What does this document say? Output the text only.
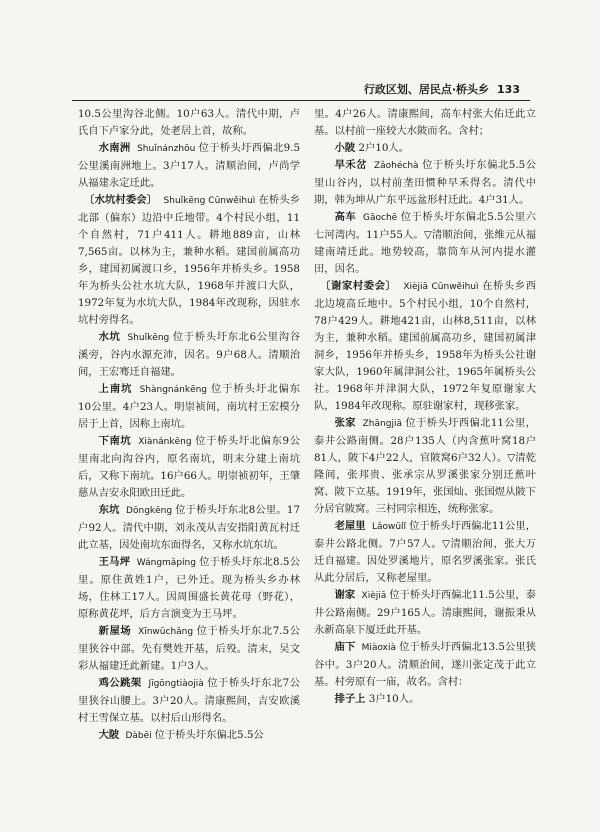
行政区划、居民点·桥头乡 133

10.5公里沟谷北侧。10户63人。清代中期，卢氏自下卢家分此，处老居上首，故称。

水南洲 Shuǐnánzhōu 位于桥头圩西偏北9.5公里溪南洲地上。3户17人。清顺治间，卢尚学从福建永定迁此。

〔水坑村委会〕 Shuǐkēng Cūnwěihuì 在桥头乡北部（偏东）边沿中丘地带。4个村民小组，11个自然村，71户411人。耕地889亩，山林7,565亩。以林为主，兼种水稻。建国前属高功乡，建国初属渡口乡，1956年并桥头乡。1958年为桥头公社水坑大队，1968年并渡口大队，1972年复为水坑大队，1984年改现称，因驻水坑村旁得名。

水坑 Shuǐkēng 位于桥头圩东北6公里沟谷溪旁，谷内水源充沛，因名。9户68人。清顺治间，王宏骞迁自福建。

上南坑 Shàngnánkēng 位于桥头圩北偏东10公里。4户23人。明崇祯间，南坑村王宏模分居于上首，因称上南坑。

下南坑 Xiànánkēng 位于桥头圩北偏东9公里南北向沟谷内，原名南坑，明末分建上南坑后，又称下南坑。16户66人。明崇祯初年，王肇慈从吉安永阳欧田迁此。

东坑 Dōngkēng 位于桥头圩东北8公里。17户92人。清代中期，刘永茂从吉安指阳黄瓦村迁此立基，因处南坑东面得名，又称水坑东坑。

王马坪 Wángmǎpíng 位于桥头圩东北8.5公里。原住黄姓1户，已外迁。现为桥头乡办林场，住林工17人。因周围盛长黄花母（野花），原称黄花坪，后方言演变为王马坪。

新屋场 Xīnwūchǎng 位于桥头圩东北7.5公里狭谷中部。先有樊姓开基，后殁。清末，吴文彩从福建迁此新建。1户3人。

鸡公跳架 Jīgōngtiàojià 位于桥头圩东北7公里狭谷山腰上。3户20人。清康熙间，吉安欧溪村王雪保立基。以村后山形得名。

大陂 Dàbēi 位于桥头圩东偏北5.5公

里。4户26人。清康熙间，高车村张大佑迁此立基。以村前一座较大水陂而名。含村；

小陂 2户10人。

早禾岔 Zǎohéchà 位于桥头圩东偏北5.5公里山谷内，以村前垄田惯种早禾得名。清代中期，韩为坤从广东平远盆形村迁此。4户31人。

高车 Gāochē 位于桥头圩东偏北5.5公里六七河湾内。11户55人。▽清顺治间，张维元从福建南靖迁此。地势较高，靠筒车从河内提水灌田，因名。

〔谢家村委会〕 Xièjiā Cūnwěihuì 在桥头乡西北边境高丘地中。5个村民小组，10个自然村，78户429人。耕地421亩，山林8,511亩，以林为主，兼种水稻。建国前属高功乡，建国初属津洞乡，1956年并桥头乡，1958年为桥头公社谢家大队，1960年属津洞公社，1965年属桥头公社。1968年并津洞大队，1972年复原谢家大队，1984年改现称。原驻谢家村，现移张家。

张家 Zhāngjiā 位于桥头圩西偏北11公里，泰井公路南侧。28户135人（内含蕉叶窝18户81人，陂下4户22人，官陂窝6户32人）。▽清乾隆间，张邦贵、张承宗从罗溪张家分别迁蕉叶窝、陂下立基。1919年，张国灿、张国煜从陂下分居官陂窝。三村同宗相连，统称张家。

老屋里 Lǎowūlǐ 位于桥头圩西偏北11公里，泰井公路北侧。7户57人。▽清顺治间，张大万迁自福建。因处罗溪地片，原名罗溪张家。张氏从此分居后，又称老屋里。

谢家 Xièjiā 位于桥头圩西偏北11.5公里，泰井公路南侧。29户165人。清康熙间，谢振秉从永新高泉下厦迁此开基。

庙下 Miàoxià 位于桥头圩西偏北13.5公里狭谷中。3户20人。清顺治间，遂川张定茂于此立基。村旁原有一庙，故名。含村：

排子上 3户10人。
